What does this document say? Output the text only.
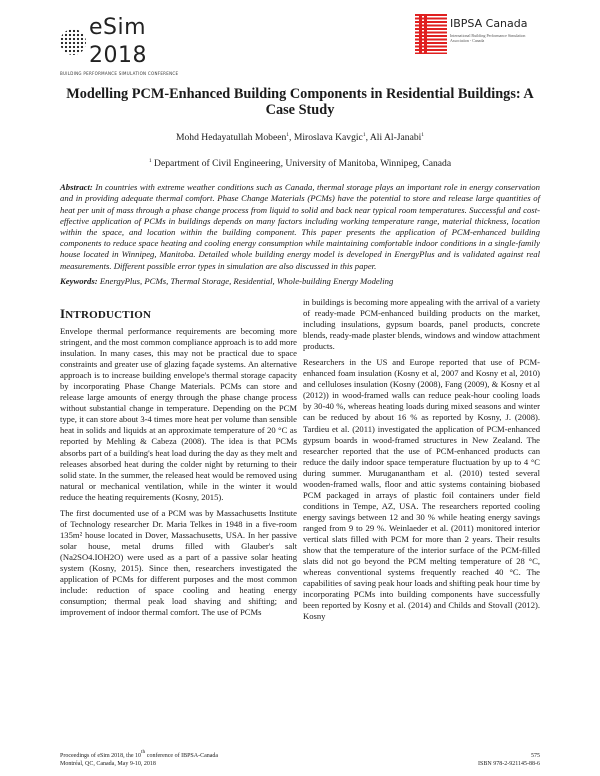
eSim 2018
BUILDING PERFORMANCE SIMULATION CONFERENCE
IBPSA Canada
International Building Performance Simulation Association - Canada
Modelling PCM-Enhanced Building Components in Residential Buildings: A Case Study
Mohd Hedayatullah Mobeen$^1$, Miroslava Kavgic$^1$, Ali Al-Janabi$^1$
$^1$ Department of Civil Engineering, University of Manitoba, Winnipeg, Canada
Abstract: In countries with extreme weather conditions such as Canada, thermal storage plays an important role in energy conservation and in providing adequate thermal comfort. Phase Change Materials (PCMs) have the potential to store and release large quantities of heat per unit of mass through a phase change process from liquid to solid and back near typical room temperatures. Successful and cost-effective application of PCMs in buildings depends on many factors including working temperature range, material thickness, location within the space, and location within the building component. This paper presents the application of PCM-enhanced building components to reduce space heating and cooling energy consumption while maintaining comfortable indoor conditions in a single-family house located in Winnipeg, Manitoba. Detailed whole building energy model is developed in EnergyPlus and is validated against real measurements. Different possible error types in simulation are also discussed in this paper.
Keywords: EnergyPlus, PCMs, Thermal Storage, Residential, Whole-building Energy Modeling
INTRODUCTION

Envelope thermal performance requirements are becoming more stringent, and the most common compliance approach is to add more insulation. In many cases, this may not be practical due to space constraints and greater use of glazing façade systems. An alternative approach is to increase building envelope's thermal storage capacity by incorporating Phase Change Materials. PCMs can store and release large amounts of energy through the phase change process without substantial change in temperature. Depending on the PCM type, it can store about 3-4 times more heat per volume than sensible heat in solids and liquids at an approximate temperature of 20 °C as reported by Mehling & Cabeza (2008). The idea is that PCMs absorbs part of a building's heat load during the day as they melt and releases absorbed heat during the colder night by returning to their solid state. In the summer, the released heat would be removed using natural or mechanical ventilation, while in the winter it would reduce the heating requirements (Kosny, 2015).

The first documented use of a PCM was by Massachusetts Institute of Technology researcher Dr. Maria Telkes in 1948 in a five-room 135m² house located in Dover, Massachusetts, USA. In her passive solar house, metal drums filled with Glauber's salt (Na2SO4.IOH2O) were used as a part of a passive solar heating system (Kosny, 2015). Since then, researchers investigated the application of PCMs for different purposes and the most common include: reduction of space cooling and heating energy consumption; thermal peak load shaving and shifting; and improvement of indoor thermal comfort. The use of PCMs

in buildings is becoming more appealing with the arrival of a variety of ready-made PCM-enhanced building products on the market, including insulations, gypsum boards, panel products, concrete blends, ready-made plaster blends, windows and window attachment products.

Researchers in the US and Europe reported that use of PCM-enhanced foam insulation (Kosny et al, 2007 and Kosny et al, 2010) and celluloses insulation (Kosny (2008), Fang (2009), & Kosny et al (2012)) in wood-framed walls can reduce peak-hour cooling loads by 30-40 %, whereas heating loads during mixed seasons and winter can be reduced by about 16 % as reported by Kosny, J. (2008). Tardieu et al. (2011) investigated the application of PCM-enhanced gypsum boards in wood-framed structures in New Zealand. The researcher reported that the use of PCM-enhanced products can reduce the daily indoor space temperature fluctuation by up to 4 °C during summer. Muruganantham et al. (2010) tested several wooden-framed walls, floor and attic systems containing biobased PCM packaged in arrays of plastic foil containers under field conditions in Tempe, AZ, USA. The researchers reported cooling energy savings between 12 and 30 % while heating energy savings ranged from 9 to 29 %. Weinlaeder et al. (2011) monitored interior vertical slats filled with PCM for more than 2 years. Their results show that the temperature of the interior surface of the PCM-filled slats did not go beyond the PCM melting temperature of 28 °C, whereas conventional systems frequently reached 40 °C. The capabilities of saving peak hour loads and shifting peak hour time by incorporating PCMs into building components have successfully been reported by Kosny et al. (2014) and Childs and Stovall (2012). Kosny

Proceedings of eSim 2018, the 10th conference of IBPSA-Canada
Montréal, QC, Canada, May 9-10, 2018
575
ISBN 978-2-921145-88-6
